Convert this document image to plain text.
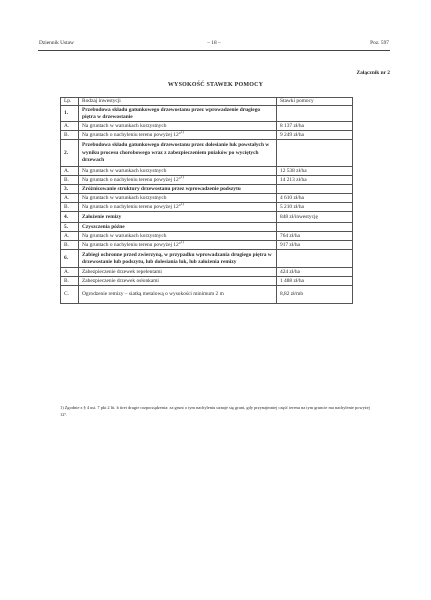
Dziennik Ustaw	– 18 –	Poz. 597
Załącznik nr 2
WYSOKOŚĆ STAWEK POMOCY
Lp.	Rodzaj inwestycji	Stawki pomocy
1.	Przebudowa składu gatunkowego drzewostanu przez wprowadzenie drugiego piętra w drzewostanie	
A.	Na gruntach w warunkach korzystnych	8 137 zł/ha
B.	Na gruntach o nachyleniu terenu powyżej 12°$^{1)}$	9 249 zł/ha
2.	Przebudowa składu gatunkowego drzewostanu przez dolesianie luk powstałych w wyniku procesu chorobowego wraz z zabezpieczeniem pniaków po wyciętych drzewach	
A.	Na gruntach w warunkach korzystnych	12 538 zł/ha
B.	Na gruntach o nachyleniu terenu powyżej 12°$^{1)}$	14 213 zł/ha
3.	Zróżnicowanie struktury drzewostanu przez wprowadzenie podszytu	
A.	Na gruntach w warunkach korzystnych	4 610 zł/ha
B.	Na gruntach o nachyleniu terenu powyżej 12°$^{1)}$	5 210 zł/ha
4.	Założenie remizy	848 zł/inwestycję
5.	Czyszczenia późne	
A.	Na gruntach w warunkach korzystnych	764 zł/ha
B.	Na gruntach o nachyleniu terenu powyżej 12°$^{1)}$	917 zł/ha
6.	Zabiegi ochronne przed zwierzyną, w przypadku wprowadzania drugiego piętra w drzewostanie lub podszytu, lub dolesiania luk, lub założenia remizy	
A.	Zabezpieczenie drzewek repelentami	424 zł/ha
B.	Zabezpieczenie drzewek osłonkami	1 488 zł/ha
C.	Ogrodzenie remizy – siatką metalową o wysokości minimum 2 m	8,82 zł/mb
1) Zgodnie z § 4 ust. 7 pkt 2 lit. b tiret drugie rozporządzenia: za grunt o tym nachyleniu uznaje się grunt, gdy przynajmniej część terenu na tym gruncie ma nachylenie powyżej 12°.
